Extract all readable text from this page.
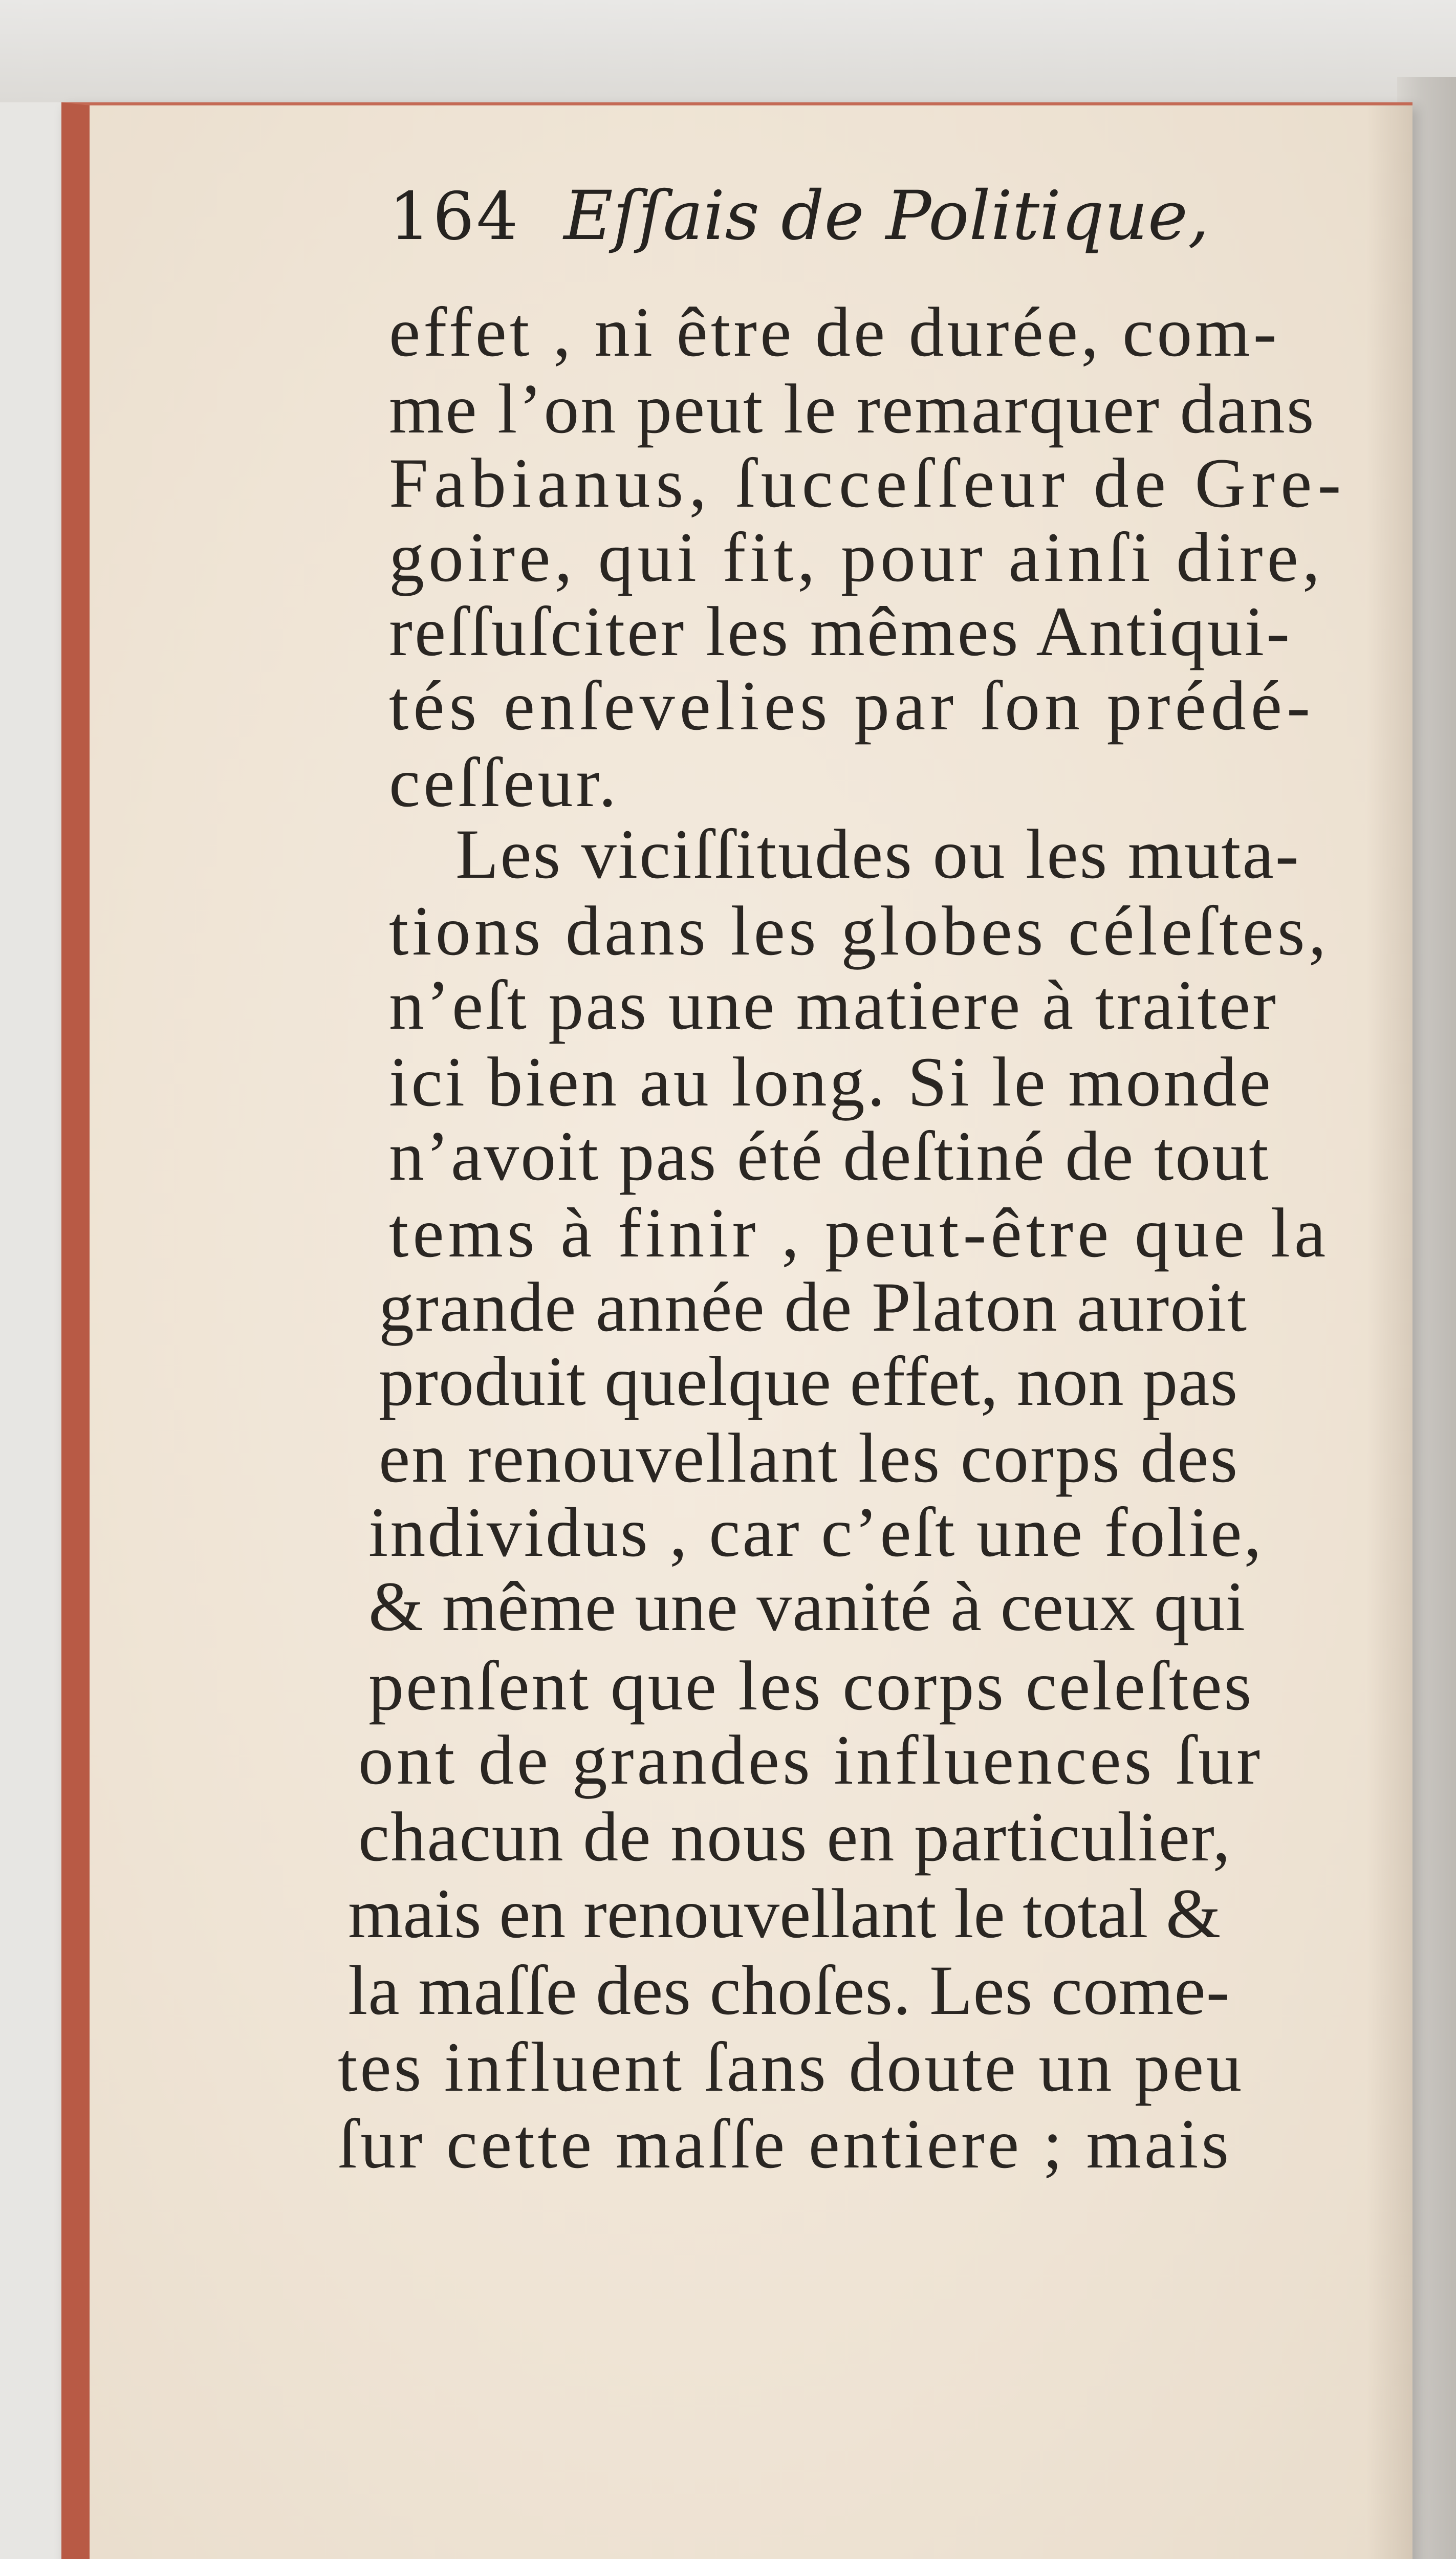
164 Eſſais de Politique,
effet , ni être de durée, com-
me l’on peut le remarquer dans
Fabianus, ſucceſſeur de Gre-
goire, qui fit, pour ainſi dire,
reſſuſciter les mêmes Antiqui-
tés enſevelies par ſon prédé-
ceſſeur.
Les viciſſitudes ou les muta-
tions dans les globes céleſtes,
n’eſt pas une matiere à traiter
ici bien au long. Si le monde
n’avoit pas été deſtiné de tout
tems à finir , peut-être que la
grande année de Platon auroit
produit quelque effet, non pas
en renouvellant les corps des
individus , car c’eſt une folie,
& même une vanité à ceux qui
penſent que les corps celeſtes
ont de grandes influences ſur
chacun de nous en particulier,
mais en renouvellant le total &
la maſſe des choſes. Les come-
tes influent ſans doute un peu
ſur cette maſſe entiere ; mais
